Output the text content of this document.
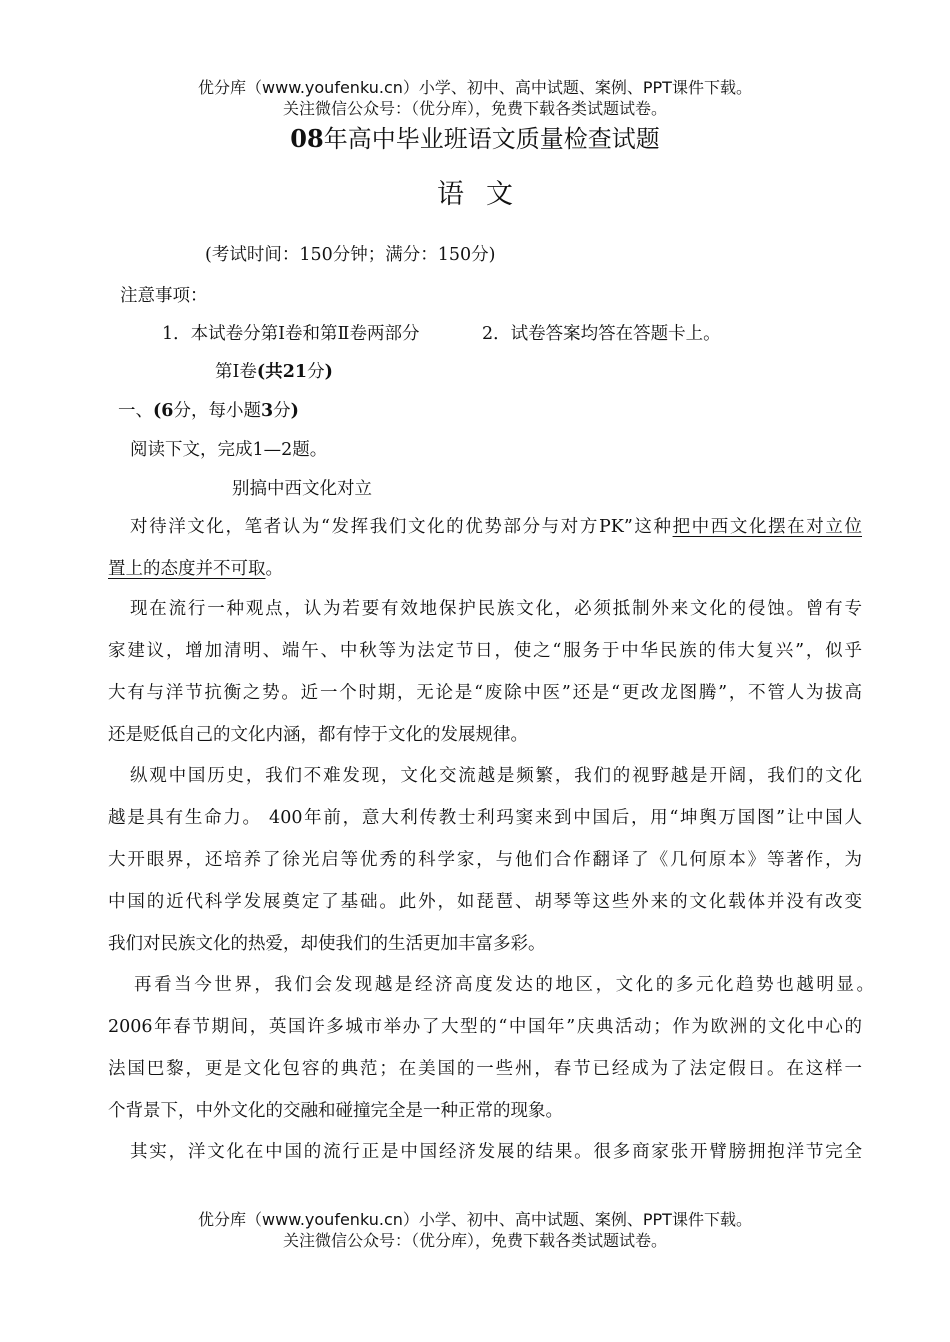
优分库（www.youfenku.cn）小学、初中、高中试题、案例、PPT课件下载。
关注微信公众号：（优分库），免费下载各类试题试卷。
08年高中毕业班语文质量检查试题
语文
(考试时间：150分钟；满分：150分)
注意事项：
1．本试卷分第Ⅰ卷和第Ⅱ卷两部分	2．试卷答案均答在答题卡上。
第Ⅰ卷(共21分)
一、(6分，每小题3分)
阅读下文，完成1—2题。
别搞中西文化对立
对待洋文化，笔者认为“发挥我们文化的优势部分与对方PK”这种把中西文化摆在对立位
置上的态度并不可取。
现在流行一种观点，认为若要有效地保护民族文化，必须抵制外来文化的侵蚀。曾有专
家建议，增加清明、端午、中秋等为法定节日，使之“服务于中华民族的伟大复兴”，似乎
大有与洋节抗衡之势。近一个时期，无论是“废除中医”还是“更改龙图腾”，不管人为拔高
还是贬低自己的文化内涵，都有悖于文化的发展规律。
纵观中国历史，我们不难发现，文化交流越是频繁，我们的视野越是开阔，我们的文化
越是具有生命力。 400年前，意大利传教士利玛窦来到中国后，用“坤舆万国图”让中国人
大开眼界，还培养了徐光启等优秀的科学家，与他们合作翻译了《几何原本》等著作，为
中国的近代科学发展奠定了基础。此外，如琵琶、胡琴等这些外来的文化载体并没有改变
我们对民族文化的热爱，却使我们的生活更加丰富多彩。
再看当今世界，我们会发现越是经济高度发达的地区，文化的多元化趋势也越明显。
2006年春节期间，英国许多城市举办了大型的“中国年”庆典活动；作为欧洲的文化中心的
法国巴黎，更是文化包容的典范；在美国的一些州，春节已经成为了法定假日。在这样一
个背景下，中外文化的交融和碰撞完全是一种正常的现象。
其实，洋文化在中国的流行正是中国经济发展的结果。很多商家张开臂膀拥抱洋节完全
优分库（www.youfenku.cn）小学、初中、高中试题、案例、PPT课件下载。
关注微信公众号：（优分库），免费下载各类试题试卷。
